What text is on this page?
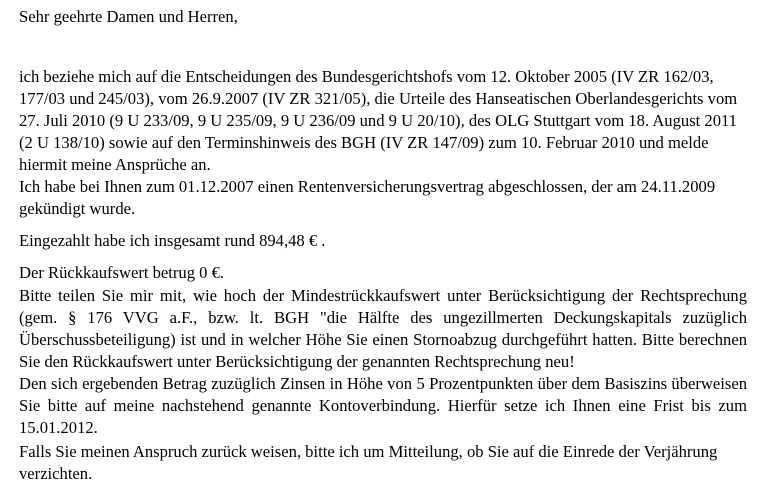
Sehr geehrte Damen und Herren,

ich beziehe mich auf die Entscheidungen des Bundesgerichtshofs vom 12. Oktober 2005 (IV ZR 162/03, 177/03 und 245/03), vom 26.9.2007 (IV ZR 321/05), die Urteile des Hanseatischen Oberlandesgerichts vom 27. Juli 2010 (9 U 233/09, 9 U 235/09, 9 U 236/09 und 9 U 20/10), des OLG Stuttgart vom 18. August 2011 (2 U 138/10) sowie auf den Terminshinweis des BGH (IV ZR 147/09) zum 10. Februar 2010 und melde hiermit meine Ansprüche an.

Ich habe bei Ihnen zum 01.12.2007 einen Rentenversicherungsvertrag abgeschlossen, der am 24.11.2009 gekündigt wurde.

Eingezahlt habe ich insgesamt rund 894,48 € .

Der Rückkaufswert betrug 0 €.

Bitte teilen Sie mir mit, wie hoch der Mindestrückkaufswert unter Berücksichtigung der Rechtsprechung (gem. § 176 VVG a.F., bzw. lt. BGH "die Hälfte des ungezillmerten Deckungskapitals zuzüglich Überschussbeteiligung) ist und in welcher Höhe Sie einen Stornoabzug durchgeführt hatten. Bitte berechnen Sie den Rückkaufswert unter Berücksichtigung der genannten Rechtsprechung neu!

Den sich ergebenden Betrag zuzüglich Zinsen in Höhe von 5 Prozentpunkten über dem Basiszins überweisen Sie bitte auf meine nachstehend genannte Kontoverbindung. Hierfür setze ich Ihnen eine Frist bis zum 15.01.2012.

Falls Sie meinen Anspruch zurück weisen, bitte ich um Mitteilung, ob Sie auf die Einrede der Verjährung verzichten.
